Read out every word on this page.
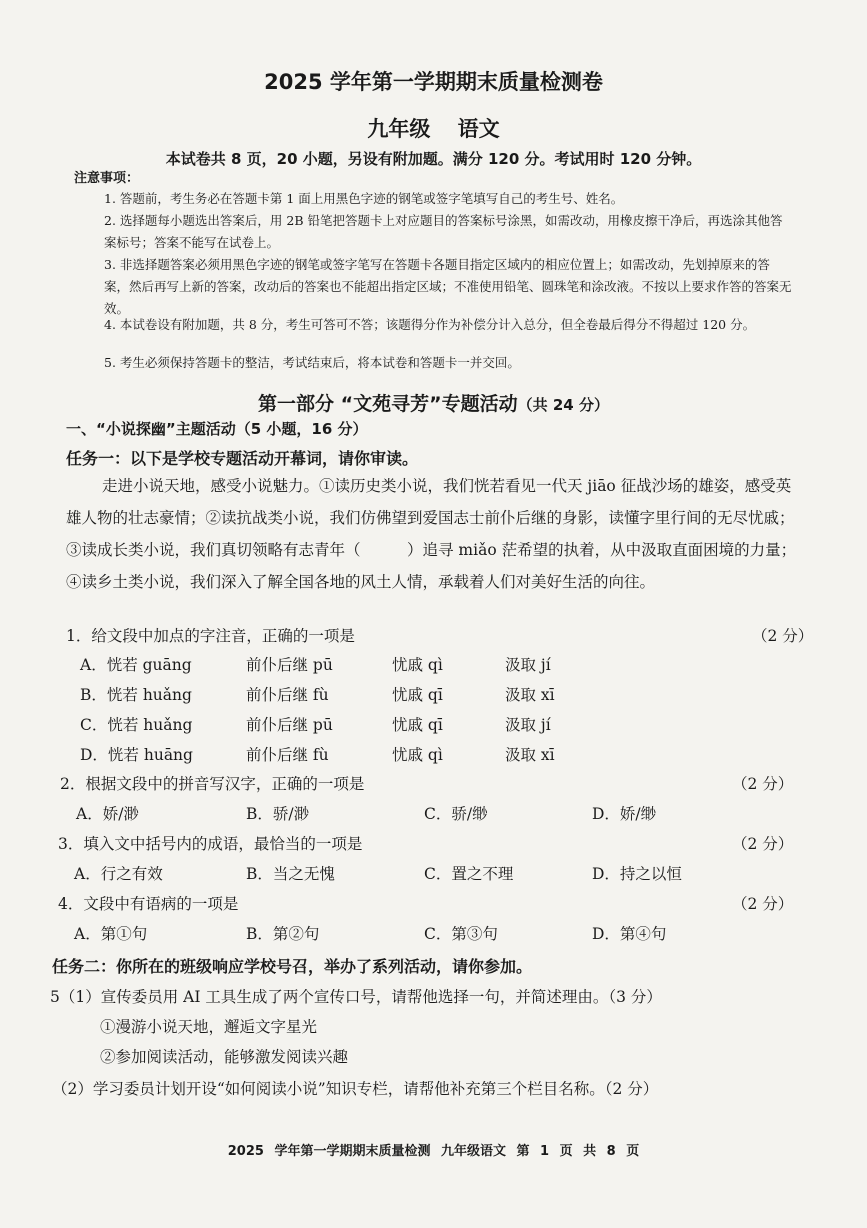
2025 学年第一学期期末质量检测卷
九年级 语文
本试卷共 8 页，20 小题，另设有附加题。满分 120 分。考试用时 120 分钟。
注意事项：
1. 答题前，考生务必在答题卡第 1 面上用黑色字迹的钢笔或签字笔填写自己的考生号、姓名。
2. 选择题每小题选出答案后，用 2B 铅笔把答题卡上对应题目的答案标号涂黑，如需改动，用橡皮擦干净后，再选涂其他答案标号；答案不能写在试卷上。
3. 非选择题答案必须用黑色字迹的钢笔或签字笔写在答题卡各题目指定区域内的相应位置上；如需改动，先划掉原来的答案，然后再写上新的答案，改动后的答案也不能超出指定区域；不准使用铅笔、圆珠笔和涂改液。不按以上要求作答的答案无效。
4. 本试卷设有附加题，共 8 分，考生可答可不答；该题得分作为补偿分计入总分，但全卷最后得分不得超过 120 分。
5. 考生必须保持答题卡的整洁，考试结束后，将本试卷和答题卡一并交回。
第一部分 “文苑寻芳”专题活动（共 24 分）
一、“小说探幽”主题活动（5 小题，16 分）
任务一：以下是学校专题活动开幕词，请你审读。
走进小说天地，感受小说魅力。①读历史类小说，我们恍若看见一代天 jiāo 征战沙场的雄姿，感受英雄人物的壮志豪情；②读抗战类小说，我们仿佛望到爱国志士前仆后继的身影，读懂字里行间的无尽忧戚；③读成长类小说，我们真切领略有志青年（　　　）追寻 miǎo 茫希望的执着，从中汲取直面困境的力量；④读乡土类小说，我们深入了解全国各地的风土人情，承载着人们对美好生活的向往。
1．给文段中加点的字注音，正确的一项是	（2 分）
A．恍若 guāng	前仆后继 pū	忧戚 qì	汲取 jí
B．恍若 huǎng	前仆后继 fù	忧戚 qī	汲取 xī
C．恍若 huǎng	前仆后继 pū	忧戚 qī	汲取 jí
D．恍若 huāng	前仆后继 fù	忧戚 qì	汲取 xī
2．根据文段中的拼音写汉字，正确的一项是	（2 分）
A．娇/渺	B．骄/渺	C．骄/缈	D．娇/缈
3．填入文中括号内的成语，最恰当的一项是	（2 分）
A．行之有效	B．当之无愧	C．置之不理	D．持之以恒
4．文段中有语病的一项是	（2 分）
A．第①句	B．第②句	C．第③句	D．第④句
任务二：你所在的班级响应学校号召，举办了系列活动，请你参加。
5（1）宣传委员用 AI 工具生成了两个宣传口号，请帮他选择一句，并简述理由。（3 分）
①漫游小说天地，邂逅文字星光
②参加阅读活动，能够激发阅读兴趣
（2）学习委员计划开设“如何阅读小说”知识专栏，请帮他补充第三个栏目名称。（2 分）
2025 学年第一学期期末质量检测 九年级语文 第 1 页 共 8 页
